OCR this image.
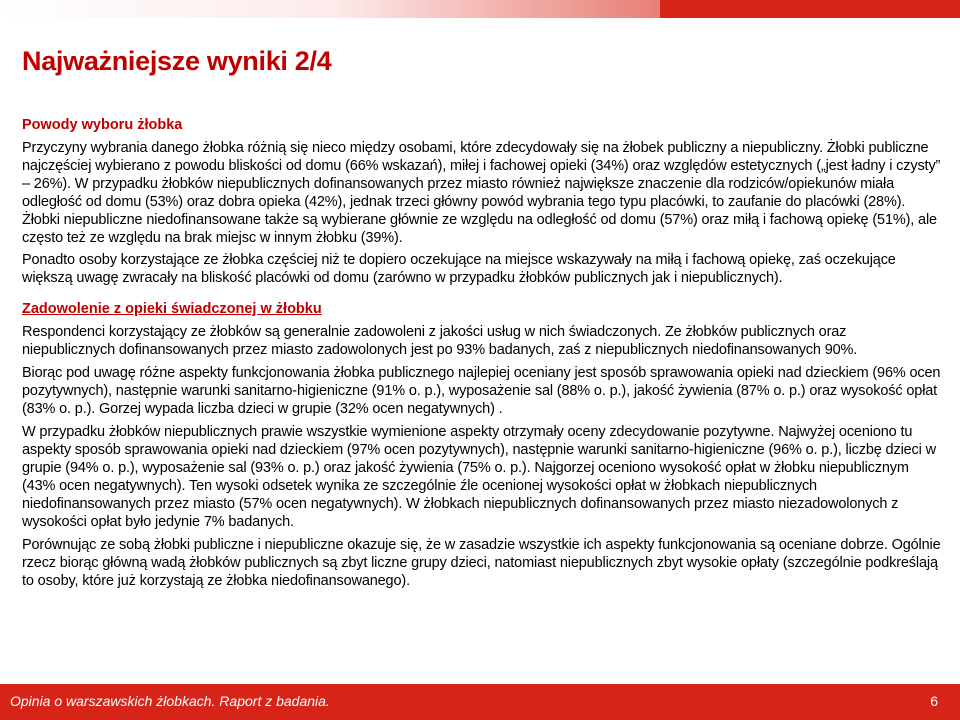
Najważniejsze wyniki 2/4
Powody wyboru żłobka

Przyczyny wybrania danego żłobka różnią się nieco między osobami, które zdecydowały się na żłobek publiczny a niepubliczny. Żłobki publiczne najczęściej wybierano z powodu bliskości od domu (66% wskazań), miłej i fachowej opieki (34%) oraz względów estetycznych („jest ładny i czysty” – 26%). W przypadku żłobków niepublicznych dofinansowanych przez miasto również największe znaczenie dla rodziców/opiekunów miała odległość od domu (53%) oraz dobra opieka (42%), jednak trzeci główny powód wybrania tego typu placówki, to zaufanie do placówki (28%). Żłobki niepubliczne niedofinansowane także są wybierane głównie ze względu na odległość od domu (57%) oraz miłą i fachową opiekę (51%), ale często też ze względu na brak miejsc w innym żłobku (39%).

Ponadto osoby korzystające ze żłobka częściej niż te dopiero oczekujące na miejsce wskazywały na miłą i fachową opiekę, zaś oczekujące większą uwagę zwracały na bliskość placówki od domu (zarówno w przypadku żłobków publicznych jak i niepublicznych).

Zadowolenie z opieki świadczonej w żłobku

Respondenci korzystający ze żłobków są generalnie zadowoleni z jakości usług w nich świadczonych. Ze żłobków publicznych oraz niepublicznych dofinansowanych przez miasto zadowolonych jest po 93% badanych, zaś z niepublicznych niedofinansowanych 90%.

Biorąc pod uwagę różne aspekty funkcjonowania żłobka publicznego najlepiej oceniany jest sposób sprawowania opieki nad dzieckiem (96% ocen pozytywnych), następnie warunki sanitarno-higieniczne (91% o. p.), wyposażenie sal (88% o. p.), jakość żywienia (87% o. p.) oraz wysokość opłat (83% o. p.). Gorzej wypada liczba dzieci w grupie (32% ocen negatywnych) .

W przypadku żłobków niepublicznych prawie wszystkie wymienione aspekty otrzymały oceny zdecydowanie pozytywne. Najwyżej oceniono tu aspekty sposób sprawowania opieki nad dzieckiem (97% ocen pozytywnych), następnie warunki sanitarno-higieniczne (96% o. p.), liczbę dzieci w grupie (94% o. p.), wyposażenie sal (93% o. p.) oraz jakość żywienia (75% o. p.). Najgorzej oceniono wysokość opłat w żłobku niepublicznym (43% ocen negatywnych). Ten wysoki odsetek wynika ze szczególnie źle ocenionej wysokości opłat w żłobkach niepublicznych niedofinansowanych przez miasto (57% ocen negatywnych). W żłobkach niepublicznych dofinansowanych przez miasto niezadowolonych z wysokości opłat było jedynie 7% badanych.

Porównując ze sobą żłobki publiczne i niepubliczne okazuje się, że w zasadzie wszystkie ich aspekty funkcjonowania są oceniane dobrze. Ogólnie rzecz biorąc główną wadą żłobków publicznych są zbyt liczne grupy dzieci, natomiast niepublicznych zbyt wysokie opłaty (szczególnie podkreślają to osoby, które już korzystają ze żłobka niedofinansowanego).

Opinia o warszawskich żłobkach. Raport z badania.	6
